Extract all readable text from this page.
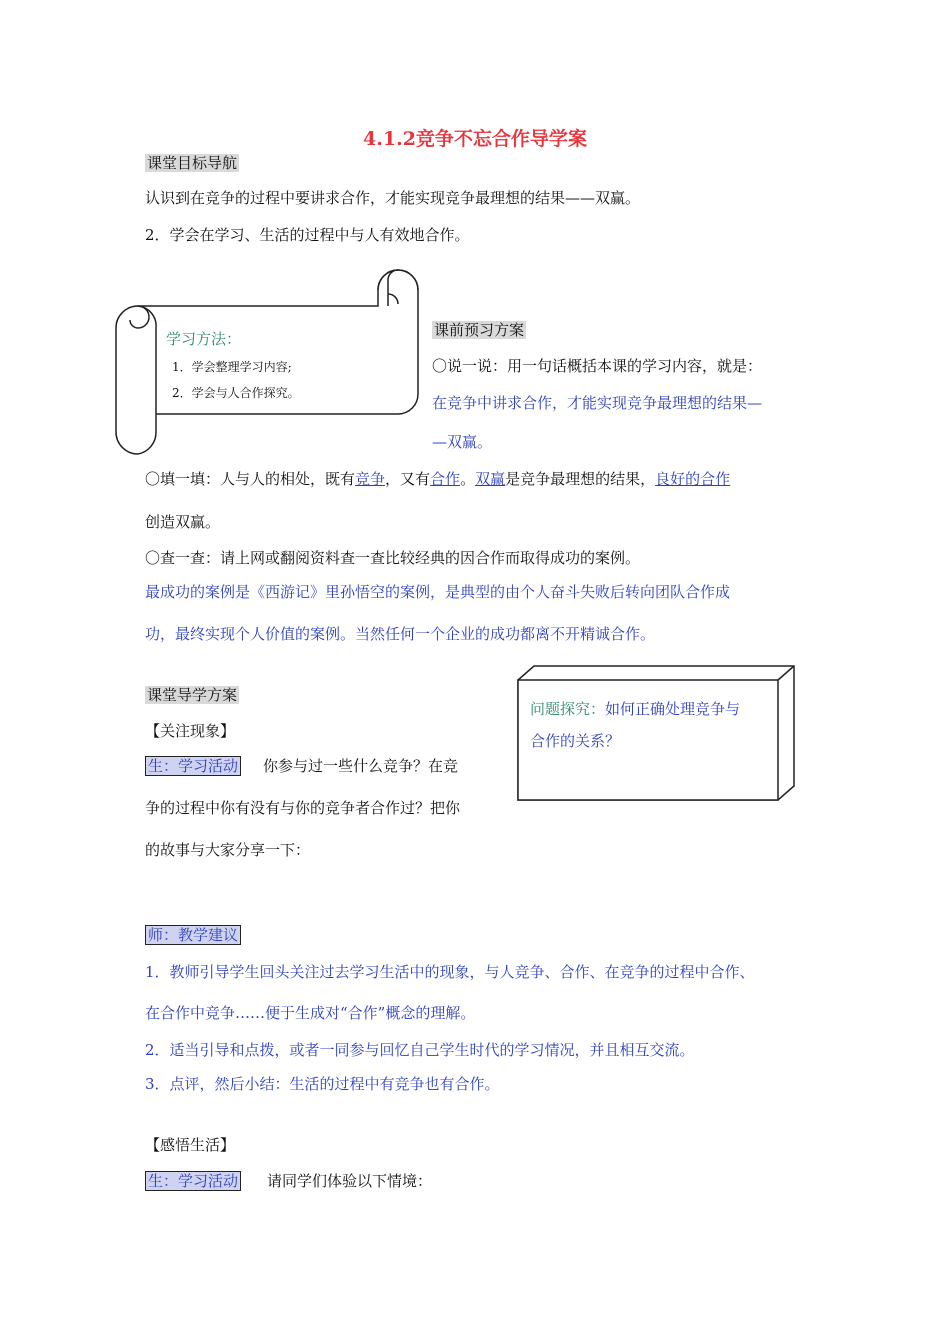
4.1.2竞争不忘合作导学案
课堂目标导航
认识到在竞争的过程中要讲求合作，才能实现竞争最理想的结果——双赢。
2．学会在学习、生活的过程中与人有效地合作。
学习方法：
1．学会整理学习内容;
2．学会与人合作探究。
课前预习方案
〇说一说：用一句话概括本课的学习内容，就是：
在竞争中讲求合作，才能实现竞争最理想的结果—
—双赢。
〇填一填：人与人的相处，既有竞争，又有合作。双赢是竞争最理想的结果，良好的合作
创造双赢。
〇查一查：请上网或翻阅资料查一查比较经典的因合作而取得成功的案例。
最成功的案例是《西游记》里孙悟空的案例，是典型的由个人奋斗失败后转向团队合作成
功，最终实现个人价值的案例。当然任何一个企业的成功都离不开精诚合作。
问题探究：如何正确处理竞争与
合作的关系？
课堂导学方案
【关注现象】
生：学习活动 你参与过一些什么竞争？在竞
争的过程中你有没有与你的竞争者合作过？把你
的故事与大家分享一下：
师：教学建议
1．教师引导学生回头关注过去学习生活中的现象，与人竞争、合作、在竞争的过程中合作、
在合作中竞争……便于生成对“合作”概念的理解。
2．适当引导和点拨，或者一同参与回忆自己学生时代的学习情况，并且相互交流。
3．点评，然后小结：生活的过程中有竞争也有合作。
【感悟生活】
生：学习活动 请同学们体验以下情境：
